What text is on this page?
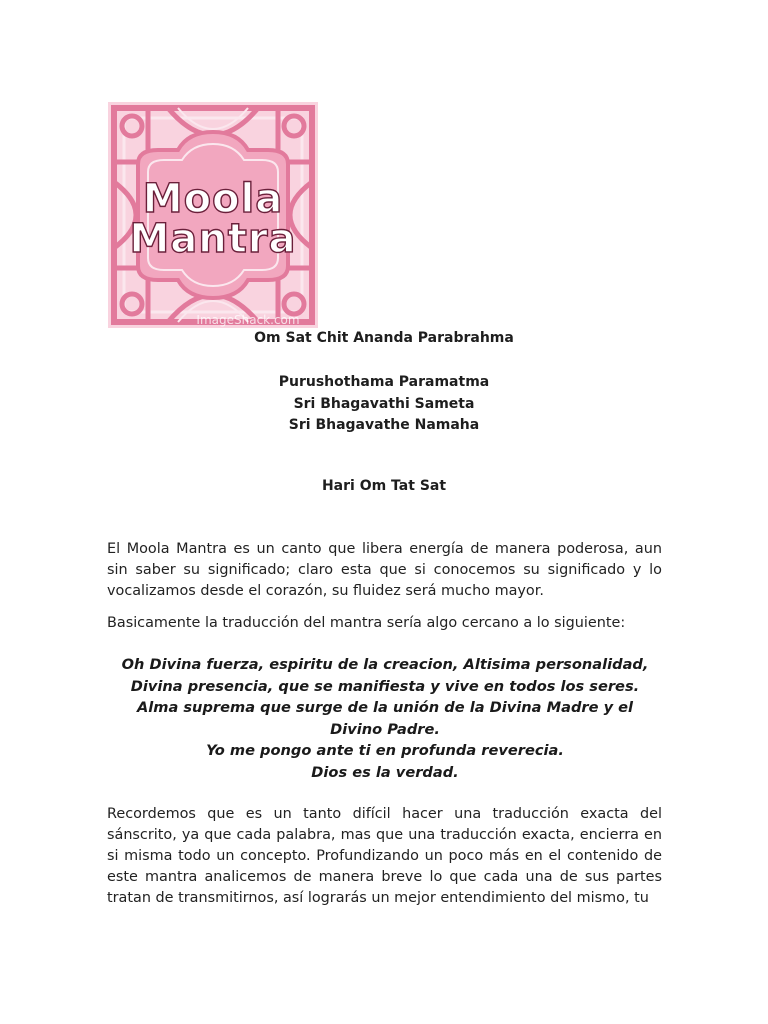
Moola
Mantra
ImageShack.com
Om Sat Chit Ananda Parabrahma
Purushothama Paramatma
Sri Bhagavathi Sameta
Sri Bhagavathe Namaha
Hari Om Tat Sat
El Moola Mantra es un canto que libera energía de manera poderosa, aun sin saber su significado; claro esta que si conocemos su significado y lo vocalizamos desde el corazón, su fluidez será mucho mayor.
Basicamente la traducción del mantra sería algo cercano a lo siguiente:
Oh Divina fuerza, espiritu de la creacion, Altisima personalidad,
Divina presencia, que se manifiesta y vive en todos los seres.
Alma suprema que surge de la unión de la Divina Madre y el
Divino Padre.
Yo me pongo ante ti en profunda reverecia.
Dios es la verdad.
Recordemos que es un tanto difícil hacer una traducción exacta del sánscrito, ya que cada palabra, mas que una traducción exacta, encierra en si misma todo un concepto. Profundizando un poco más en el contenido de este mantra analicemos de manera breve lo que cada una de sus partes tratan de transmitirnos, así lograrás un mejor entendimiento del mismo, tu
